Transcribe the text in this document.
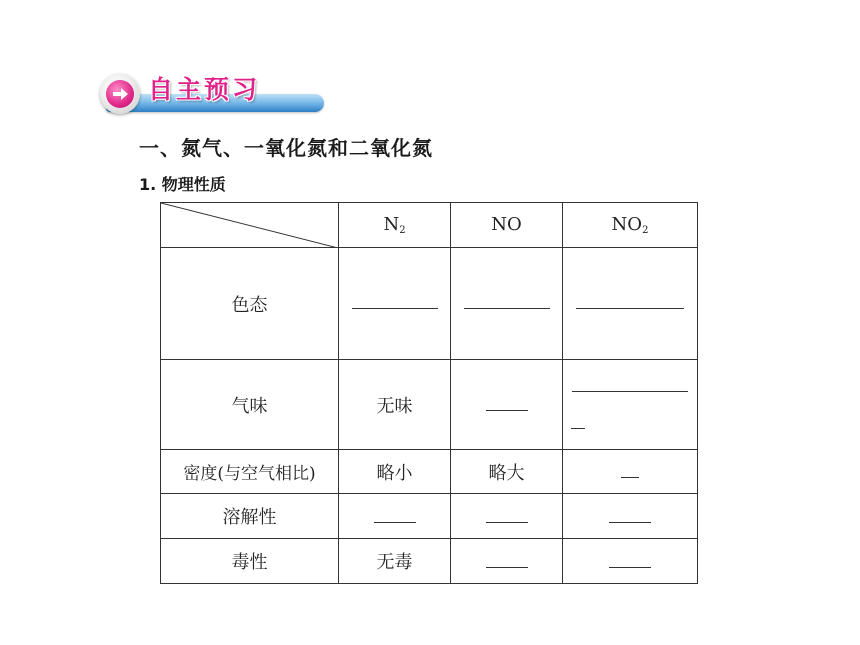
自主预习
一、氮气、一氧化氮和二氧化氮
1. 物理性质
	$N_2$	NO	$NO_2$
色态			
气味	无味		

密度(与空气相比)	略小	略大	
溶解性			
毒性	无毒		
